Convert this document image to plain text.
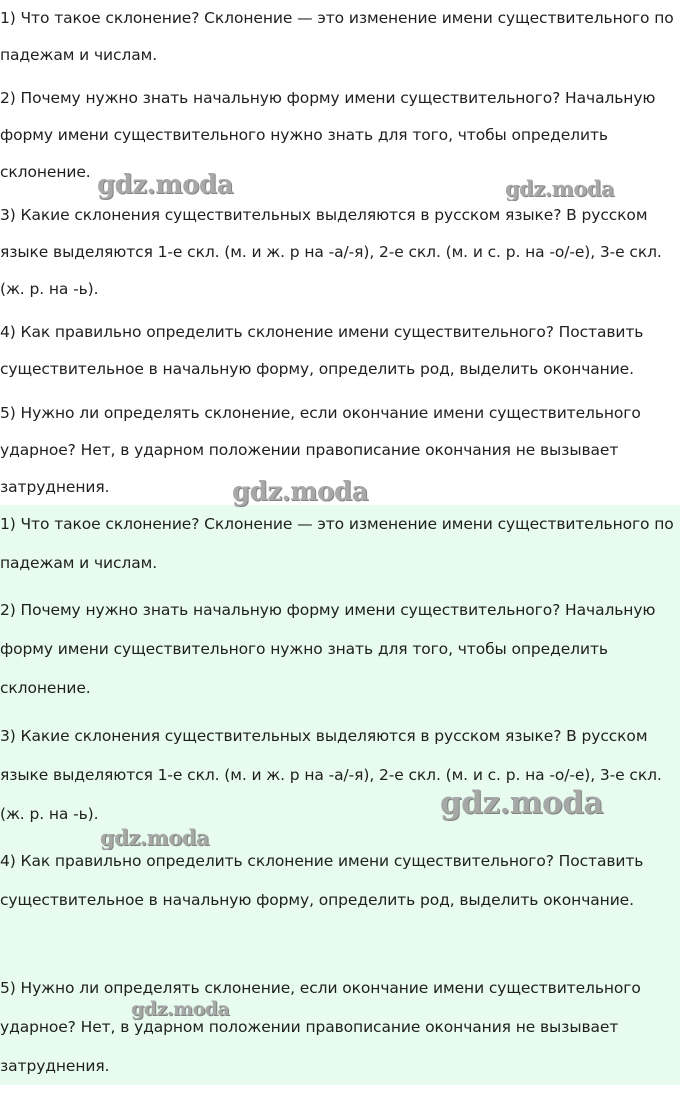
1) Что такое склонение? Склонение — это изменение имени существительного по падежам и числам.

2) Почему нужно знать начальную форму имени существительного? Начальную форму имени существительного нужно знать для того, чтобы определить склонение.

3) Какие склонения существительных выделяются в русском языке? В русском языке выделяются 1-е скл. (м. и ж. р на -а/-я), 2-е скл. (м. и с. р. на -о/-е), 3-е скл. (ж. р. на -ь).

4) Как правильно определить склонение имени существительного? Поставить существительное в начальную форму, определить род, выделить окончание.

5) Нужно ли определять склонение, если окончание имени существительного ударное? Нет, в ударном положении правописание окончания не вызывает затруднения.

1) Что такое склонение? Склонение — это изменение имени существительного по падежам и числам.

2) Почему нужно знать начальную форму имени существительного? Начальную форму имени существительного нужно знать для того, чтобы определить склонение.

3) Какие склонения существительных выделяются в русском языке? В русском языке выделяются 1-е скл. (м. и ж. р на -а/-я), 2-е скл. (м. и с. р. на -о/-е), 3-е скл. (ж. р. на -ь).

4) Как правильно определить склонение имени существительного? Поставить существительное в начальную форму, определить род, выделить окончание.

5) Нужно ли определять склонение, если окончание имени существительного ударное? Нет, в ударном положении правописание окончания не вызывает затруднения.

gdz.moda	gdz.moda
gdz.moda
gdz.moda
gdz.moda
gdz.moda
